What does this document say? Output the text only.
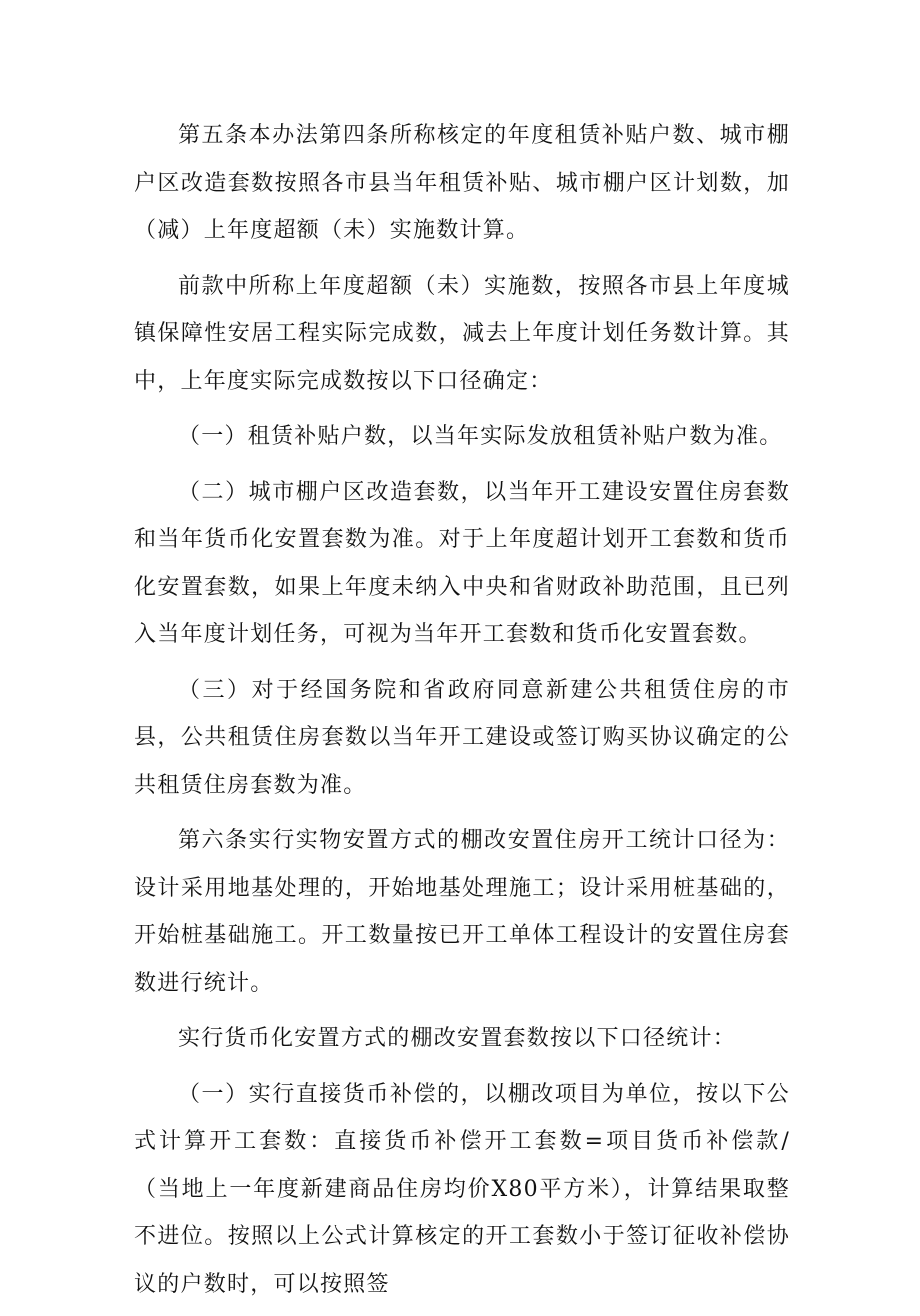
第五条本办法第四条所称核定的年度租赁补贴户数、城市棚户区改造套数按照各市县当年租赁补贴、城市棚户区计划数，加（减）上年度超额（未）实施数计算。

前款中所称上年度超额（未）实施数，按照各市县上年度城镇保障性安居工程实际完成数，减去上年度计划任务数计算。其中，上年度实际完成数按以下口径确定：

（一）租赁补贴户数，以当年实际发放租赁补贴户数为准。

（二）城市棚户区改造套数，以当年开工建设安置住房套数和当年货币化安置套数为准。对于上年度超计划开工套数和货币化安置套数，如果上年度未纳入中央和省财政补助范围，且已列入当年度计划任务，可视为当年开工套数和货币化安置套数。

（三）对于经国务院和省政府同意新建公共租赁住房的市县，公共租赁住房套数以当年开工建设或签订购买协议确定的公共租赁住房套数为准。

第六条实行实物安置方式的棚改安置住房开工统计口径为：设计采用地基处理的，开始地基处理施工；设计采用桩基础的，开始桩基础施工。开工数量按已开工单体工程设计的安置住房套数进行统计。

实行货币化安置方式的棚改安置套数按以下口径统计：

（一）实行直接货币补偿的，以棚改项目为单位，按以下公式计算开工套数：直接货币补偿开工套数=项目货币补偿款/（当地上一年度新建商品住房均价X80平方米），计算结果取整不进位。按照以上公式计算核定的开工套数小于签订征收补偿协议的户数时，可以按照签
